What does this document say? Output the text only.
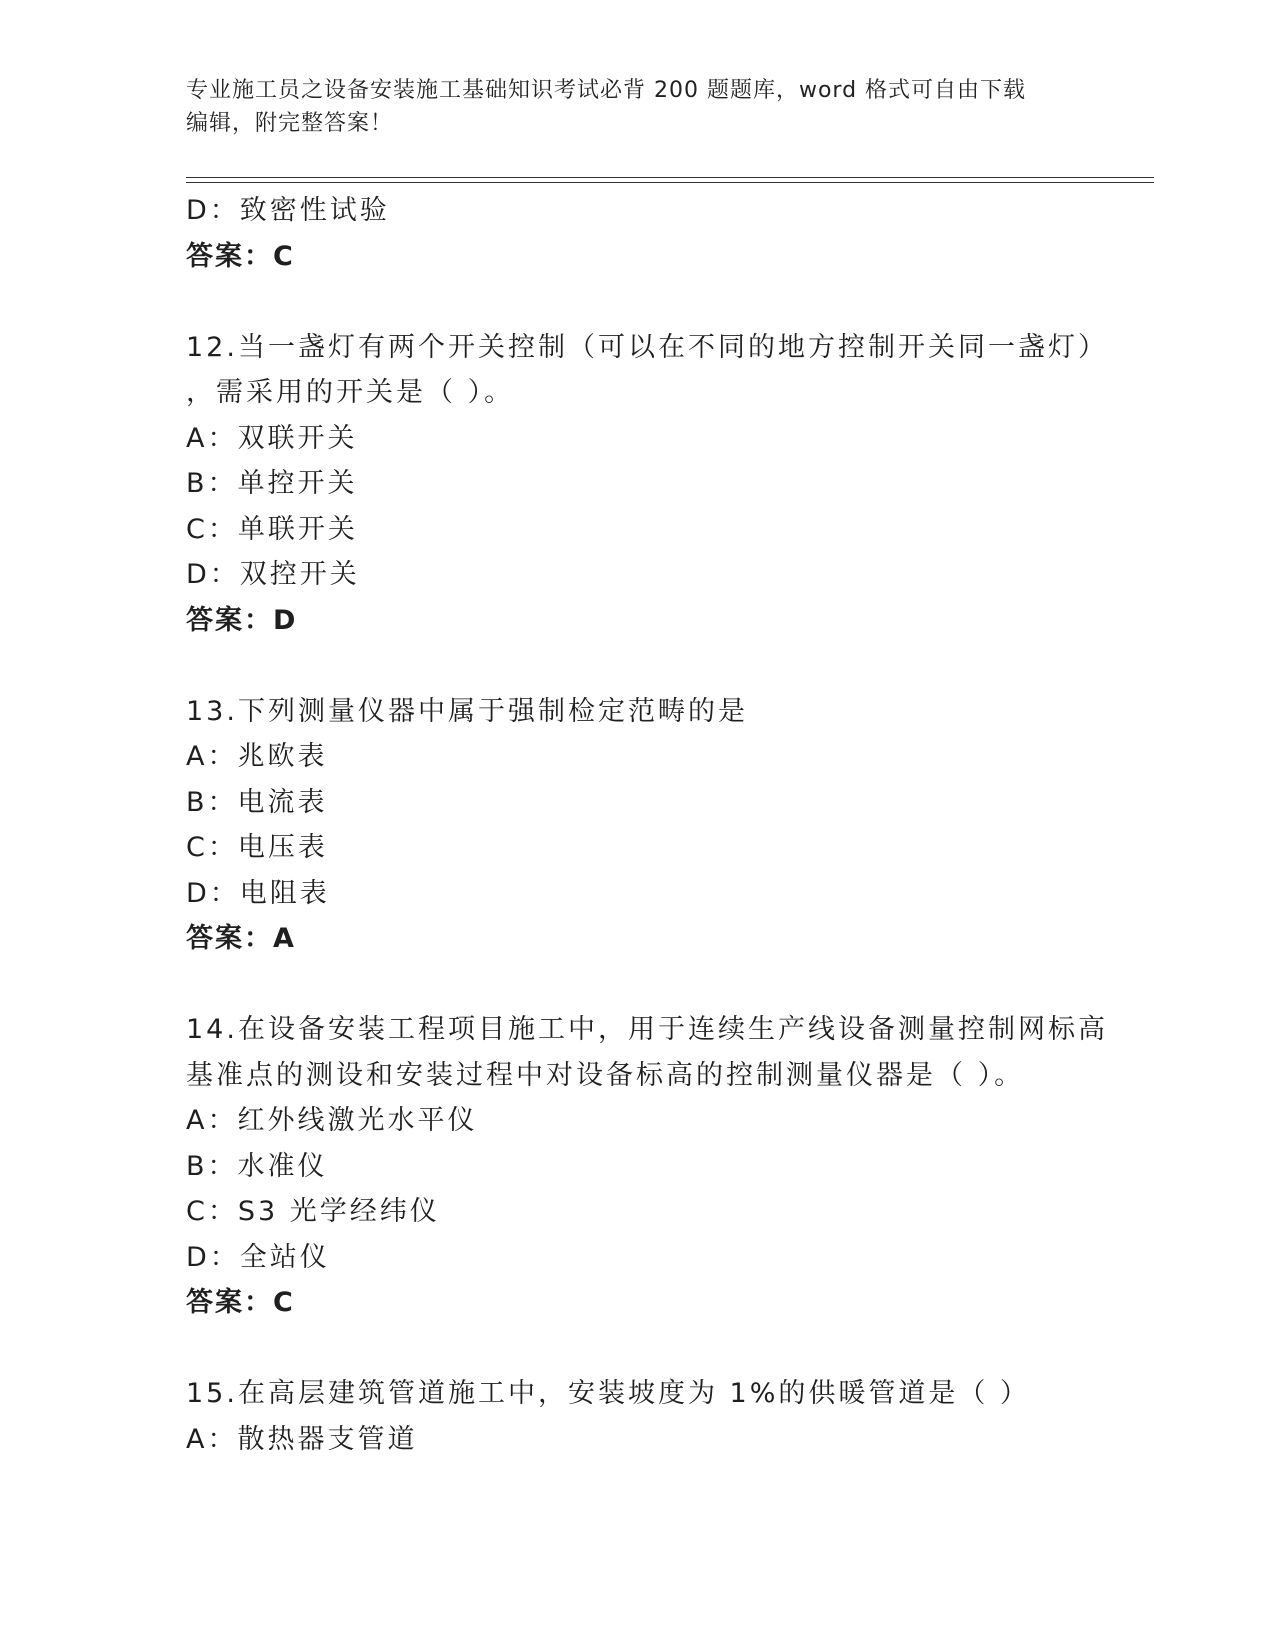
专业施工员之设备安装施工基础知识考试必背 200 题题库，word 格式可自由下载
编辑，附完整答案！
D：致密性试验
答案：C
12.当一盏灯有两个开关控制（可以在不同的地方控制开关同一盏灯）
，需采用的开关是（ ）。
A：双联开关
B：单控开关
C：单联开关
D：双控开关
答案：D
13.下列测量仪器中属于强制检定范畴的是
A：兆欧表
B：电流表
C：电压表
D：电阻表
答案：A
14.在设备安装工程项目施工中，用于连续生产线设备测量控制网标高
基准点的测设和安装过程中对设备标高的控制测量仪器是（ ）。
A：红外线激光水平仪
B：水准仪
C：S3 光学经纬仪
D：全站仪
答案：C
15.在高层建筑管道施工中，安装坡度为 1%的供暖管道是（ ）
A：散热器支管道
